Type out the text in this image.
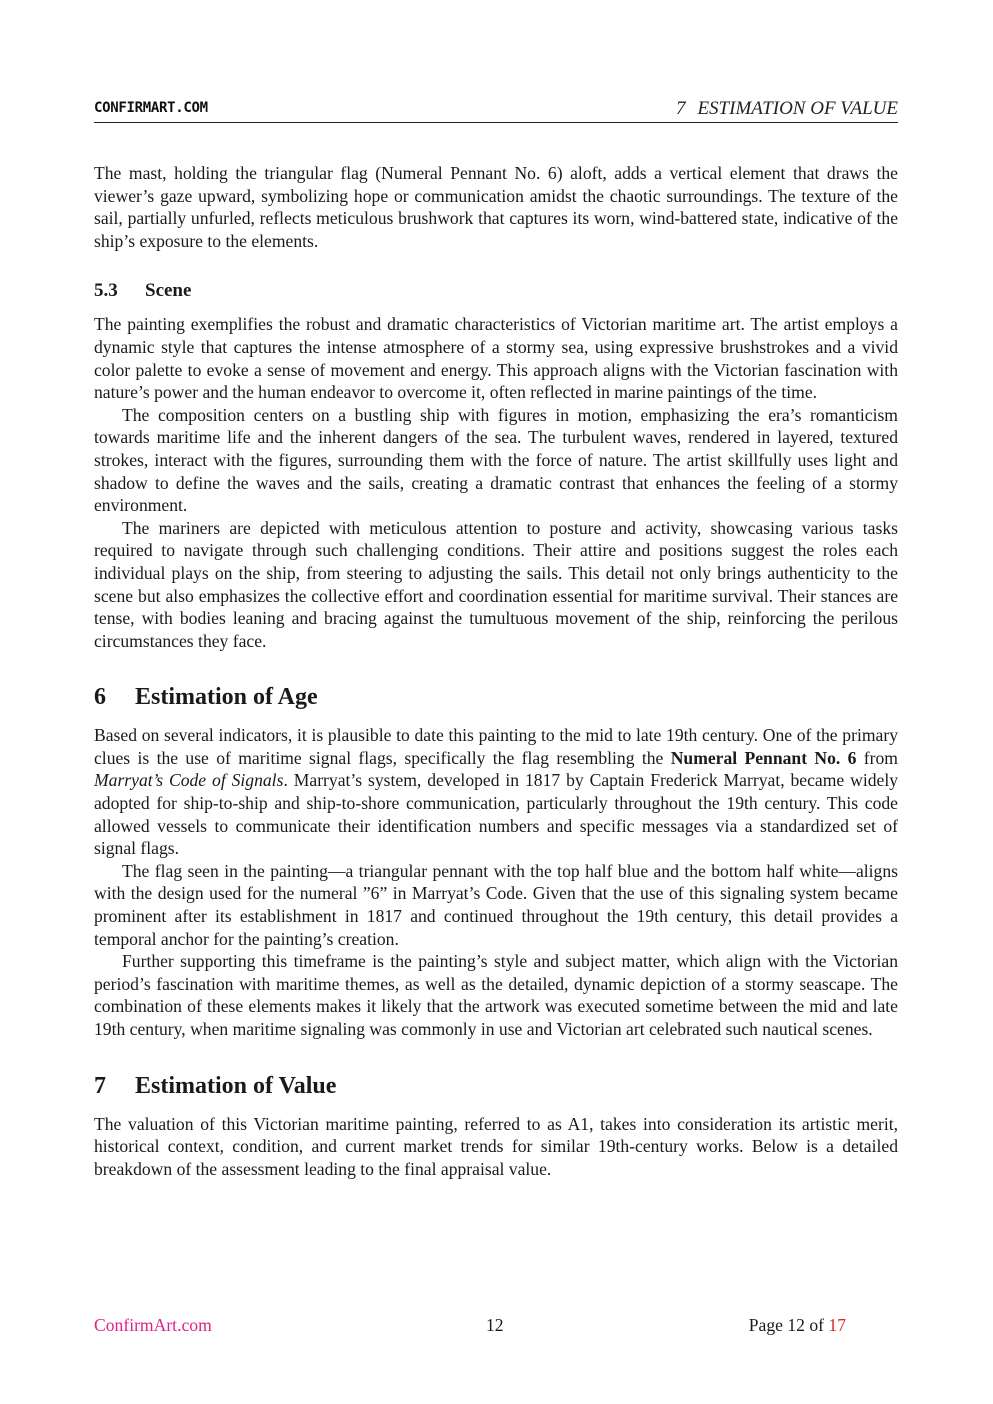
CONFIRMART.COM	7 ESTIMATION OF VALUE

The mast, holding the triangular flag (Numeral Pennant No. 6) aloft, adds a vertical element that draws the viewer’s gaze upward, symbolizing hope or communication amidst the chaotic surroundings. The texture of the sail, partially unfurled, reflects meticulous brushwork that captures its worn, wind-battered state, indicative of the ship’s exposure to the elements.

5.3 Scene

The painting exemplifies the robust and dramatic characteristics of Victorian maritime art. The artist employs a dynamic style that captures the intense atmosphere of a stormy sea, using expressive brushstrokes and a vivid color palette to evoke a sense of movement and energy. This approach aligns with the Victorian fascination with nature’s power and the human endeavor to overcome it, often reflected in marine paintings of the time.

The composition centers on a bustling ship with figures in motion, emphasizing the era’s romanticism towards maritime life and the inherent dangers of the sea. The turbulent waves, rendered in layered, textured strokes, interact with the figures, surrounding them with the force of nature. The artist skillfully uses light and shadow to define the waves and the sails, creating a dramatic contrast that enhances the feeling of a stormy environment.

The mariners are depicted with meticulous attention to posture and activity, showcasing various tasks required to navigate through such challenging conditions. Their attire and positions suggest the roles each individual plays on the ship, from steering to adjusting the sails. This detail not only brings authenticity to the scene but also emphasizes the collective effort and coordination essential for maritime survival. Their stances are tense, with bodies leaning and bracing against the tumultuous movement of the ship, reinforcing the perilous circumstances they face.

6 Estimation of Age

Based on several indicators, it is plausible to date this painting to the mid to late 19th century. One of the primary clues is the use of maritime signal flags, specifically the flag resembling the Numeral Pennant No. 6 from Marryat’s Code of Signals. Marryat’s system, developed in 1817 by Captain Frederick Marryat, became widely adopted for ship-to-ship and ship-to-shore communication, particularly throughout the 19th century. This code allowed vessels to communicate their identification numbers and specific messages via a standardized set of signal flags.

The flag seen in the painting—a triangular pennant with the top half blue and the bottom half white—aligns with the design used for the numeral ”6” in Marryat’s Code. Given that the use of this signaling system became prominent after its establishment in 1817 and continued throughout the 19th century, this detail provides a temporal anchor for the painting’s creation.

Further supporting this timeframe is the painting’s style and subject matter, which align with the Victorian period’s fascination with maritime themes, as well as the detailed, dynamic depiction of a stormy seascape. The combination of these elements makes it likely that the artwork was executed sometime between the mid and late 19th century, when maritime signaling was commonly in use and Victorian art celebrated such nautical scenes.

7 Estimation of Value

The valuation of this Victorian maritime painting, referred to as A1, takes into consideration its artistic merit, historical context, condition, and current market trends for similar 19th-century works. Below is a detailed breakdown of the assessment leading to the final appraisal value.

ConfirmArt.com	12	Page 12 of 17
